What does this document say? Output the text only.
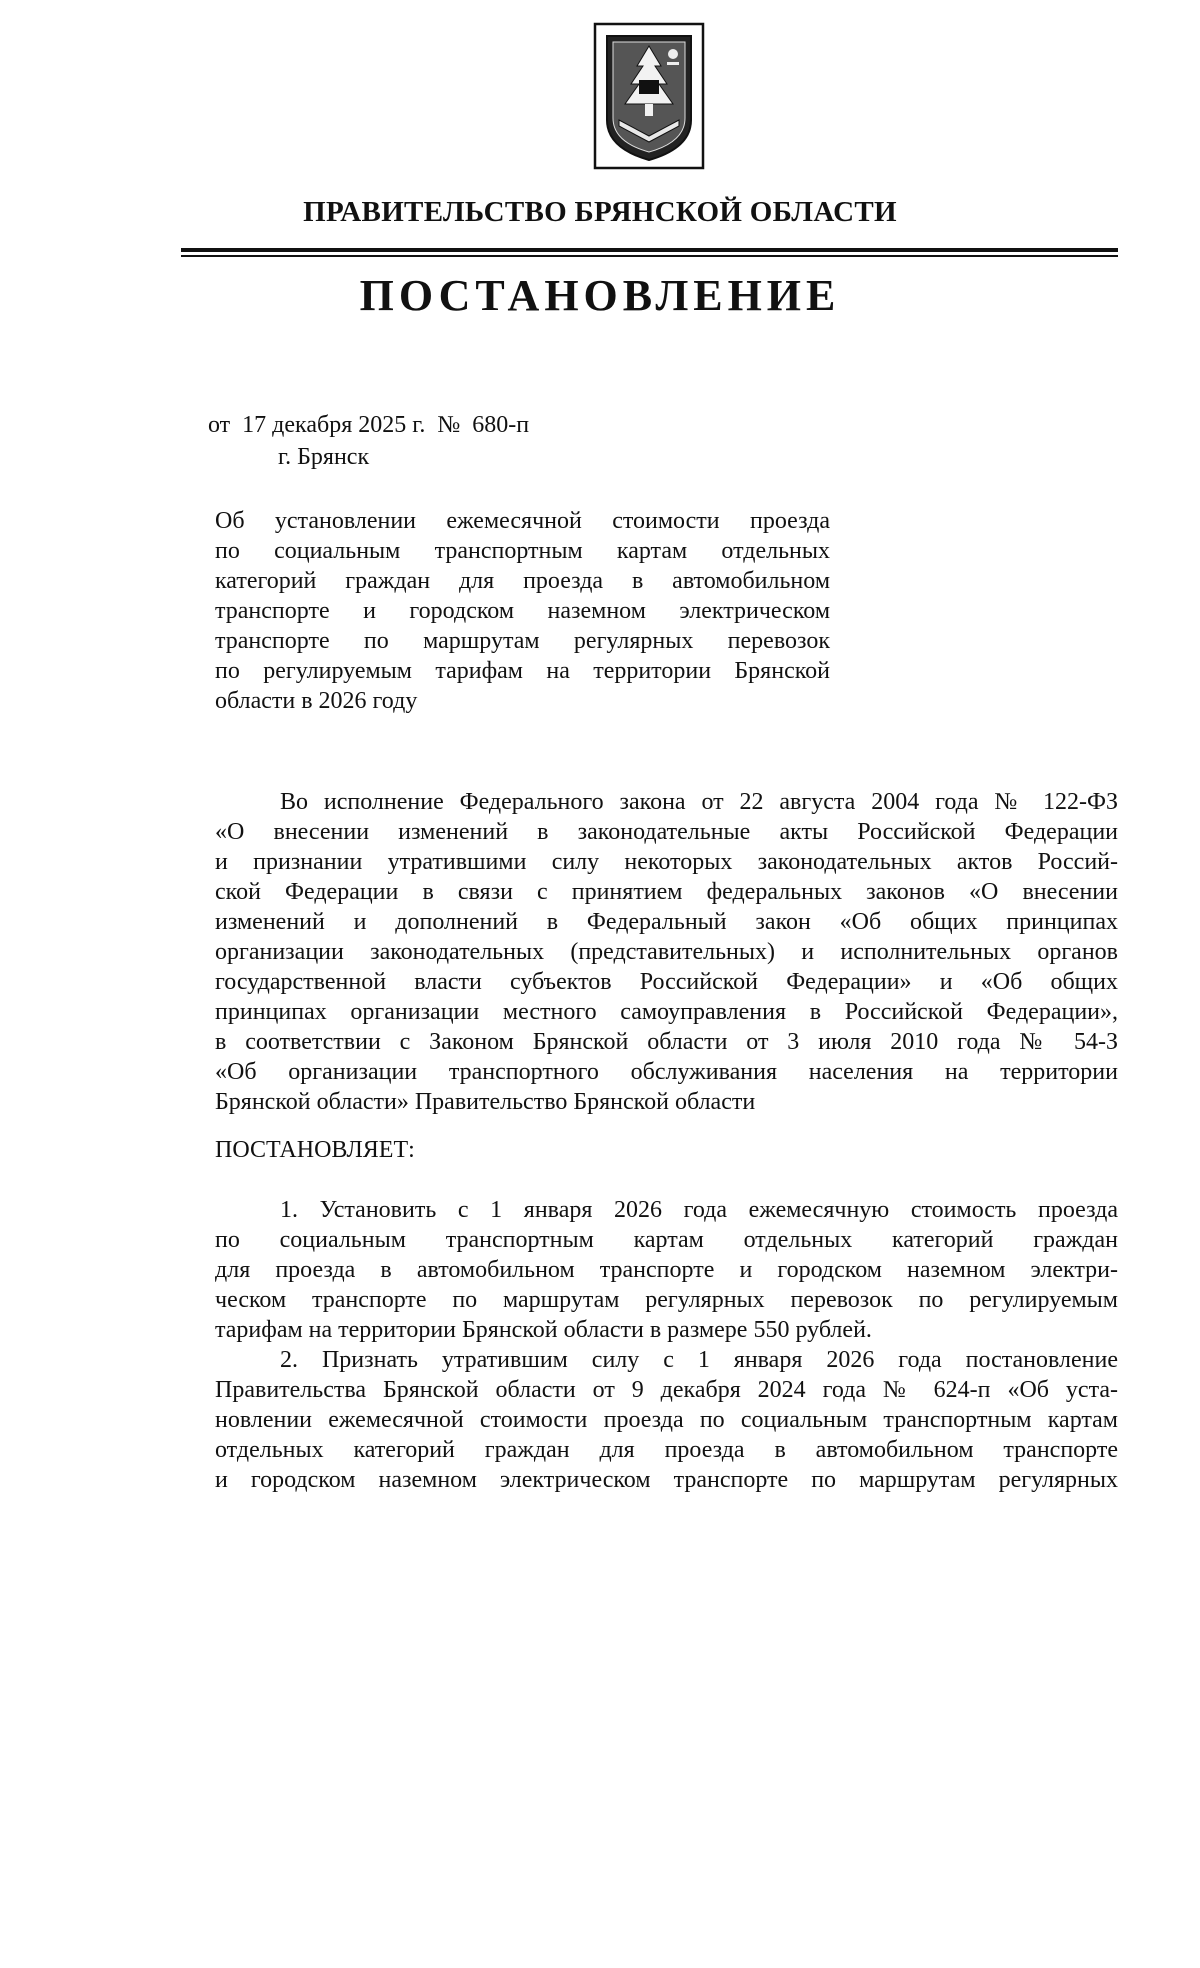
ПРАВИТЕЛЬСТВО БРЯНСКОЙ ОБЛАСТИ
ПОСТАНОВЛЕНИЕ
от 17 декабря 2025 г. № 680-п
г. Брянск
Об установлении ежемесячной стоимости проезда
по социальным транспортным картам отдельных
категорий граждан для проезда в автомобильном
транспорте и городском наземном электрическом
транспорте по маршрутам регулярных перевозок
по регулируемым тарифам на территории Брянской
области в 2026 году
Во исполнение Федерального закона от 22 августа 2004 года № 122-ФЗ
«О внесении изменений в законодательные акты Российской Федерации
и признании утратившими силу некоторых законодательных актов Россий-
ской Федерации в связи с принятием федеральных законов «О внесении
изменений и дополнений в Федеральный закон «Об общих принципах
организации законодательных (представительных) и исполнительных органов
государственной власти субъектов Российской Федерации» и «Об общих
принципах организации местного самоуправления в Российской Федерации»,
в соответствии с Законом Брянской области от 3 июля 2010 года № 54-З
«Об организации транспортного обслуживания населения на территории
Брянской области» Правительство Брянской области
ПОСТАНОВЛЯЕТ:
1. Установить с 1 января 2026 года ежемесячную стоимость проезда
по социальным транспортным картам отдельных категорий граждан
для проезда в автомобильном транспорте и городском наземном электри-
ческом транспорте по маршрутам регулярных перевозок по регулируемым
тарифам на территории Брянской области в размере 550 рублей.
2. Признать утратившим силу с 1 января 2026 года постановление
Правительства Брянской области от 9 декабря 2024 года № 624-п «Об уста-
новлении ежемесячной стоимости проезда по социальным транспортным картам
отдельных категорий граждан для проезда в автомобильном транспорте
и городском наземном электрическом транспорте по маршрутам регулярных
